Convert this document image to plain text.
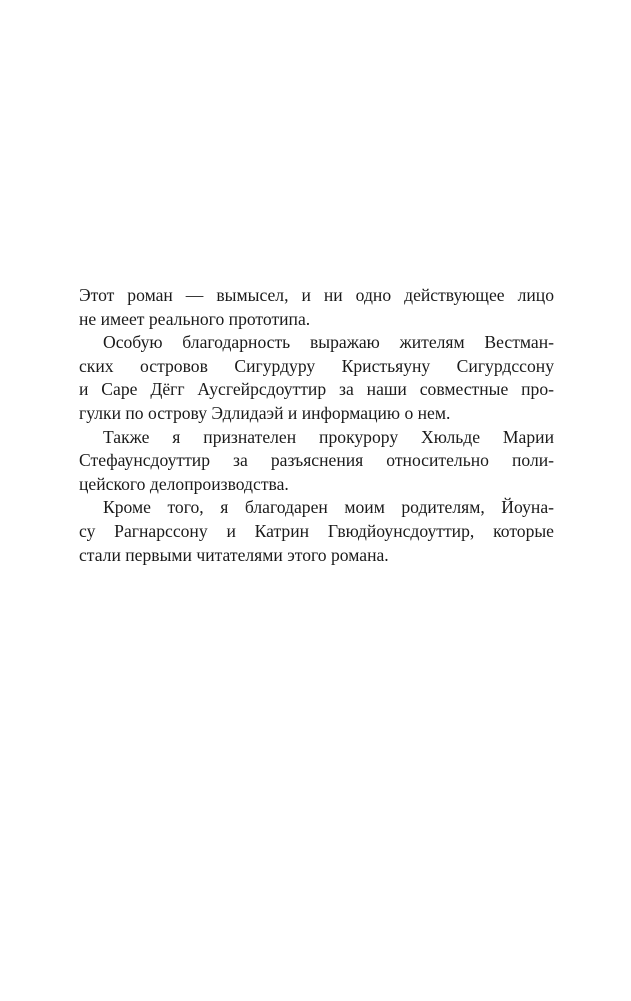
Этот роман — вымысел, и ни одно действующее лицо
не имеет реального прототипа.
Особую благодарность выражаю жителям Вестман-
ских островов Сигурдуру Кристьяуну Сигурдссону
и Саре Дёгг Аусгейрсдоуттир за наши совместные про-
гулки по острову Эдлидаэй и информацию о нем.
Также я признателен прокурору Хюльде Марии
Стефаунсдоуттир за разъяснения относительно поли-
цейского делопроизводства.
Кроме того, я благодарен моим родителям, Йоуна-
су Рагнарссону и Катрин Гвюдйоунсдоуттир, которые
стали первыми читателями этого романа.
